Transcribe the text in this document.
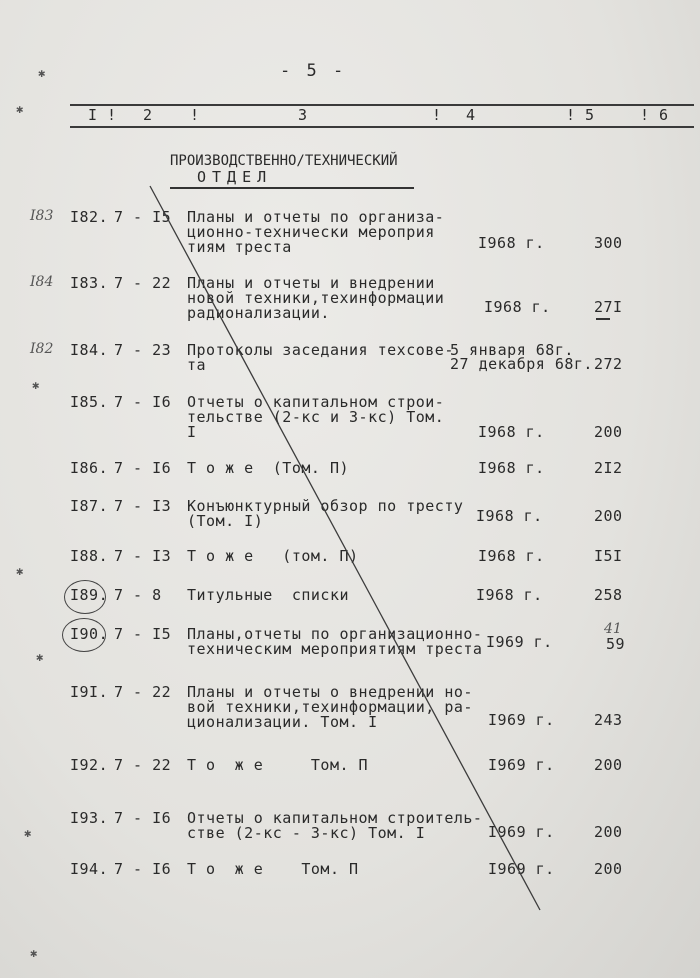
- 5 -
I ! 2 !	3	! 4	! 5	! 6
ПРОИЗВОДСТВЕННО/ТЕХНИЧЕСКИЙ
ОТДЕЛ
I82. 7 - I5 Планы и отчеты по организа-
ционно-технически мероприя
тиям треста	I968 г.	300
I83
I83. 7 - 22 Планы и отчеты и внедрении
новой техники,техинформации
радионализации.	I968 г.	27I
I84
I84. 7 - 23 Протоколы заседания техсове-
та
5 января 68г.
27 декабря 68г. 272
I82
I85. 7 - I6 Отчеты о капитальном строи-
тельстве (2-кс и 3-кс) Том.
I	I968 г.	200
I86. 7 - I6 Т о ж е  (Том. П)	I968 г.	2I2
I87. 7 - I3 Конъюнктурный обзор по тресту
(Том. I)	I968 г.	200
I88. 7 - I3 Т о ж е   (том. П)	I968 г.	I5I
I89. 7 - 8 Титульные  списки	I968 г.	258
I90. 7 - I5 Планы,отчеты по организационно-
техническим мероприятиям треста I969 г.	59
41
I9I. 7 - 22 Планы и отчеты о внедрении но-
вой техники,техинформации, ра-
ционализации. Том. I	I969 г.	243
I92. 7 - 22 Т о  ж е     Том. П	I969 г.	200
I93. 7 - I6 Отчеты о капитальном строитель-
стве (2-кс - 3-кс) Том. I	I969 г.	200
I94. 7 - I6 Т о  ж е    Том. П	I969 г.	200
✱
✱
✱
✱
✱
✱
✱
